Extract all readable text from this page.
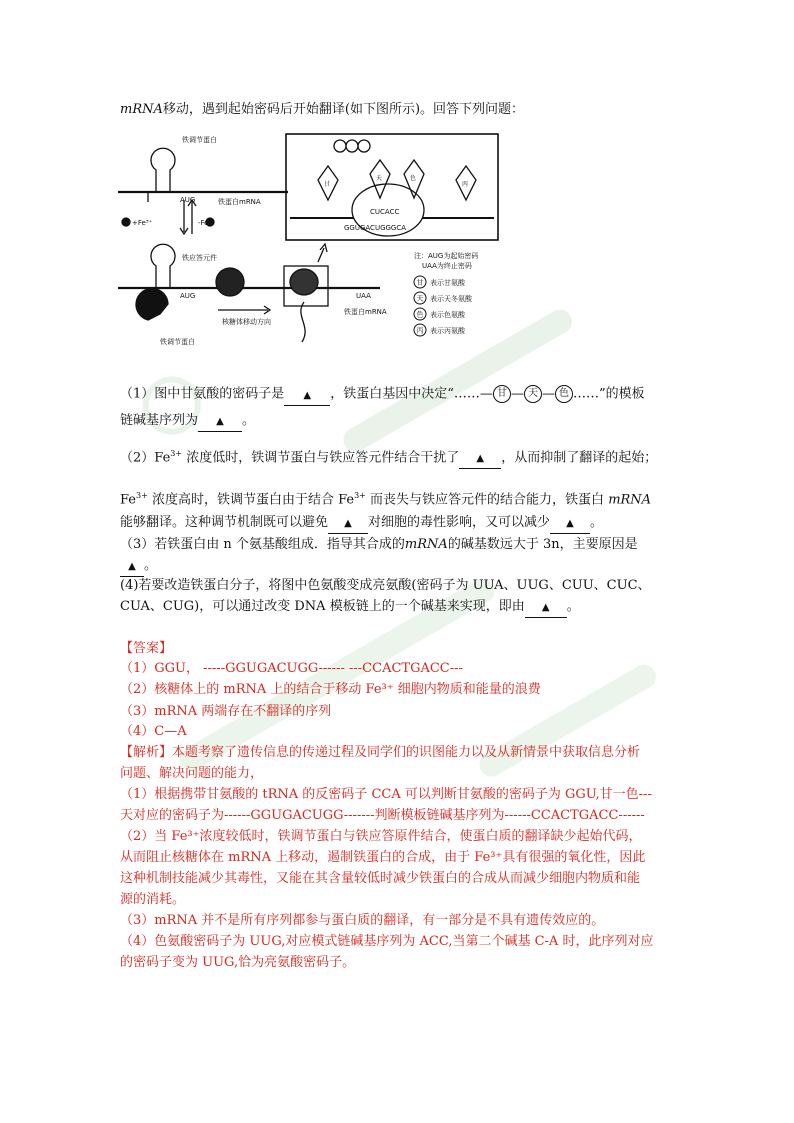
mRNA移动，遇到起始密码后开始翻译(如下图所示)。回答下列问题：
铁调节蛋白
AUG	铁蛋白mRNA
+Fe³⁺	-Fe³⁺
铁应答元件
AUG
核糖体移动方向
UAA
铁蛋白mRNA
铁调节蛋白
CUCACC
GGUGACUGGGCA
注：AUG为起始密码
UAA为终止密码
甘 表示甘氨酸
天 表示天冬氨酸
色 表示色氨酸
丙 表示丙氨酸
甘
天	色
丙
（1）图中甘氨酸的密码子是 ▲ ，铁蛋白基因中决定“……— 甘 — 天 — 色 ……”的模板
链碱基序列为 ▲ 。
$(2)Fe^{3+}$ 浓度低时，铁调节蛋白与铁应答元件结合干扰了 ▲ ，从而抑制了翻译的起始；
$Fe^{3+}$ 浓度高时，铁调节蛋白由于结合 $Fe^{3+}$ 而丧失与铁应答元件的结合能力，铁蛋白 mRNA
能够翻译。这种调节机制既可以避免 ▲ 对细胞的毒性影响，又可以减少 ▲ 。
（3）若铁蛋白由 n 个氨基酸组成．指导其合成的mRNA的碱基数远大于 3n，主要原因是
▲ 。
(4)若要改造铁蛋白分子，将图中色氨酸变成亮氨酸(密码子为 UUA、UUG、CUU、CUC、
CUA、CUG)，可以通过改变 DNA 模板链上的一个碱基来实现，即由 ▲ 。
【答案】
（1）GGU， -----GGUGACUGG------ ---CCACTGACC---
（2）核糖体上的 mRNA 上的结合于移动 Fe³⁺ 细胞内物质和能量的浪费
（3）mRNA 两端存在不翻译的序列
（4）C—A
【解析】本题考察了遗传信息的传递过程及同学们的识图能力以及从新情景中获取信息分析
问题、解决问题的能力，
（1）根据携带甘氨酸的 tRNA 的反密码子 CCA 可以判断甘氨酸的密码子为 GGU,甘一色---
天对应的密码子为------GGUGACUGG-------判断模板链碱基序列为------CCACTGACC------
（2）当 Fe³⁺浓度较低时，铁调节蛋白与铁应答原件结合，使蛋白质的翻译缺少起始代码，
从而阻止核糖体在 mRNA 上移动，遏制铁蛋白的合成，由于 Fe³⁺具有很强的氧化性，因此
这种机制技能减少其毒性，又能在其含量较低时减少铁蛋白的合成从而减少细胞内物质和能
源的消耗。
（3）mRNA 并不是所有序列都参与蛋白质的翻译，有一部分是不具有遗传效应的。
（4）色氨酸密码子为 UUG,对应模式链碱基序列为 ACC,当第二个碱基 C-A 时，此序列对应
的密码子变为 UUG,恰为亮氨酸密码子。
